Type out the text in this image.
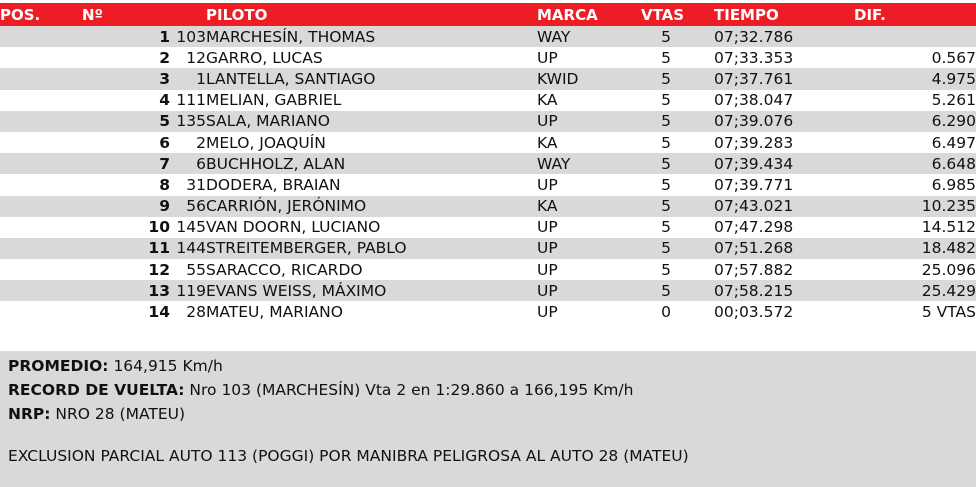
POS.	Nº	PILOTO	MARCA	VTAS		TIEMPO	DIF.
1	103	MARCHESÍN, THOMAS	WAY	5		07;32.786	
2	12	GARRO, LUCAS	UP	5		07;33.353	0.567
3	1	LANTELLA, SANTIAGO	KWID	5		07;37.761	4.975
4	111	MELIAN, GABRIEL	KA	5		07;38.047	5.261
5	135	SALA, MARIANO	UP	5		07;39.076	6.290
6	2	MELO, JOAQUÍN	KA	5		07;39.283	6.497
7	6	BUCHHOLZ, ALAN	WAY	5		07;39.434	6.648
8	31	DODERA, BRAIAN	UP	5		07;39.771	6.985
9	56	CARRIÓN, JERÓNIMO	KA	5		07;43.021	10.235
10	145	VAN DOORN, LUCIANO	UP	5		07;47.298	14.512
11	144	STREITEMBERGER, PABLO	UP	5		07;51.268	18.482
12	55	SARACCO, RICARDO	UP	5		07;57.882	25.096
13	119	EVANS WEISS, MÁXIMO	UP	5		07;58.215	25.429
14	28	MATEU, MARIANO	UP	0		00;03.572	5 VTAS

PROMEDIO: 164,915 Km/h

RECORD DE VUELTA: Nro 103 (MARCHESÍN) Vta 2 en 1:29.860 a 166,195 Km/h

NRP: NRO 28 (MATEU)

EXCLUSION PARCIAL AUTO 113 (POGGI) POR MANIBRA PELIGROSA AL AUTO 28 (MATEU)
